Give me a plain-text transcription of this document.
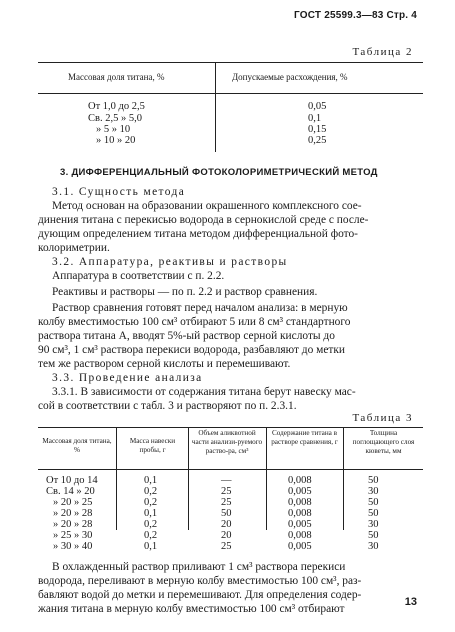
ГОСТ 25599.3—83 Стр. 4
Таблица 2
Массовая доля титана, %	Допускаемые расхождения, %
От 1,0 до 2,5
Св. 2,5 » 5,0
» 5 » 10
» 10 » 20
0,05
0,1
0,15
0,25
3. ДИФФЕРЕНЦИАЛЬНЫЙ ФОТОКОЛОРИМЕТРИЧЕСКИЙ МЕТОД
3.1. Сущность метода
Метод основан на образовании окрашенного комплексного сое-
динения титана с перекисью водорода в сернокислой среде с после-
дующим определением титана методом дифференциальной фото-
колориметрии.
3.2. Аппаратура, реактивы и растворы
Аппаратура в соответствии с п. 2.2.
Реактивы и растворы — по п. 2.2 и раствор сравнения.
Раствор сравнения готовят перед началом анализа: в мерную
колбу вместимостью 100 см³ отбирают 5 или 8 см³ стандартного
раствора титана А, вводят 5%-ый раствор серной кислоты до
90 см³, 1 см³ раствора перекиси водорода, разбавляют до метки
тем же раствором серной кислоты и перемешивают.
3.3. Проведение анализа
3.3.1. В зависимости от содержания титана берут навеску мас-
сой в соответствии с табл. 3 и растворяют по п. 2.3.1.
Таблица 3
Массовая доля титана, %
Масса навески пробы, г
Объем аликвотной части анализи-руемого раство-ра, см³
Содержание титана в растворе сравнения, г
Толщина поглощающего слоя кюветы, мм
От 10 до 14
Св. 14 » 20
» 20 » 25
» 20 » 28
» 20 » 28
» 25 » 30
» 30 » 40
0,1
0,2
0,2
0,1
0,2
0,2
0,1
—
25
25
50
20
20
25
0,008
0,005
0,008
0,008
0,005
0,008
0,005
50
30
50
50
30
50
30
В охлажденный раствор приливают 1 см³ раствора перекиси
водорода, переливают в мерную колбу вместимостью 100 см³, раз-
бавляют водой до метки и перемешивают. Для определения содер-
жания титана в мерную колбу вместимостью 100 см³ отбирают
13
